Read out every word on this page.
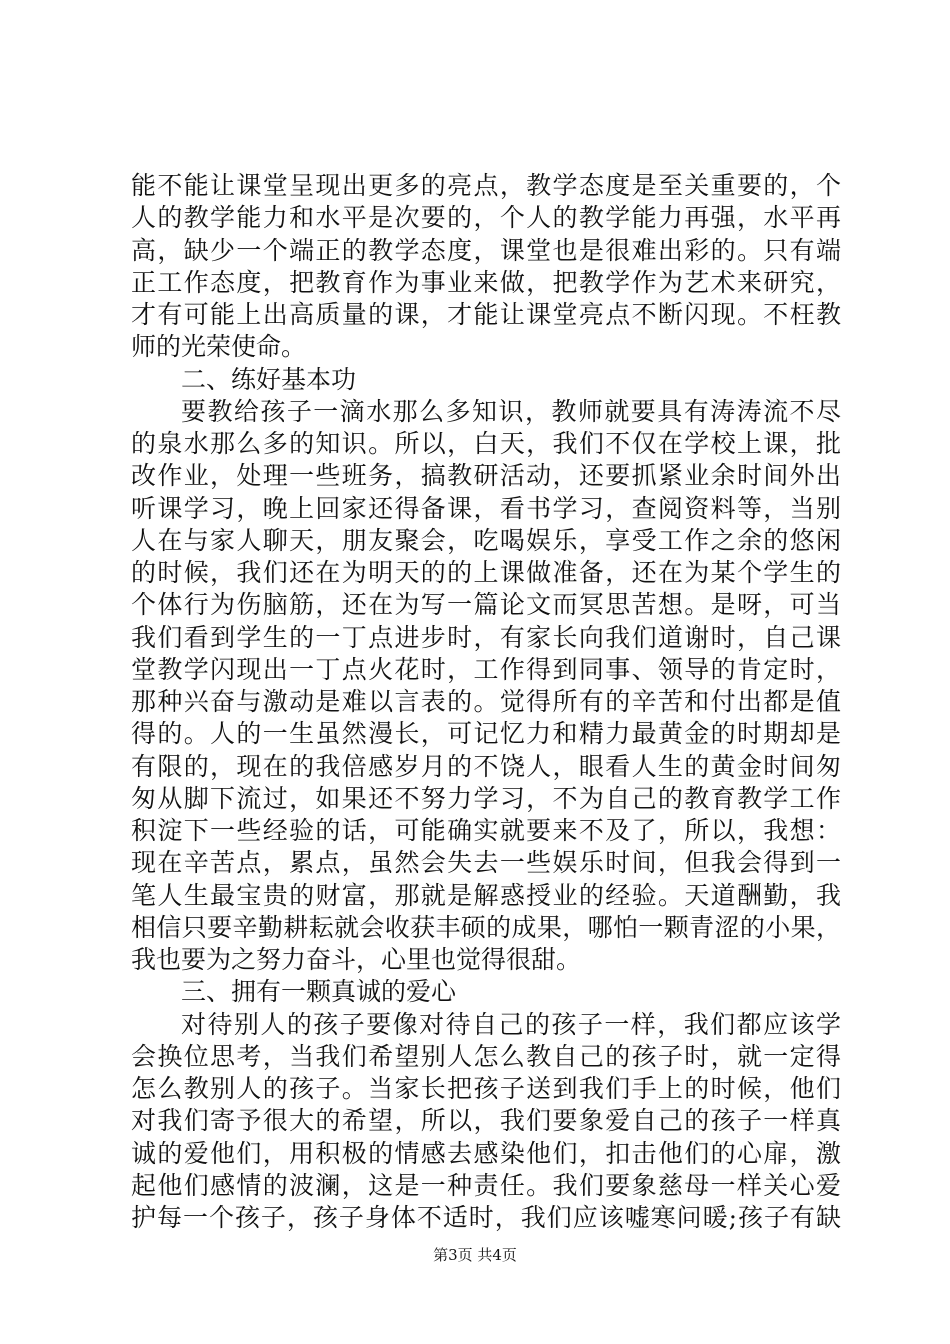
能不能让课堂呈现出更多的亮点，教学态度是至关重要的，个
人的教学能力和水平是次要的，个人的教学能力再强，水平再
高，缺少一个端正的教学态度，课堂也是很难出彩的。只有端
正工作态度，把教育作为事业来做，把教学作为艺术来研究，
才有可能上出高质量的课，才能让课堂亮点不断闪现。不枉教
师的光荣使命。
二、练好基本功
要教给孩子一滴水那么多知识，教师就要具有涛涛流不尽
的泉水那么多的知识。所以，白天，我们不仅在学校上课，批
改作业，处理一些班务，搞教研活动，还要抓紧业余时间外出
听课学习，晚上回家还得备课，看书学习，查阅资料等，当别
人在与家人聊天，朋友聚会，吃喝娱乐，享受工作之余的悠闲
的时候，我们还在为明天的的上课做准备，还在为某个学生的
个体行为伤脑筋，还在为写一篇论文而冥思苦想。是呀，可当
我们看到学生的一丁点进步时，有家长向我们道谢时，自己课
堂教学闪现出一丁点火花时，工作得到同事、领导的肯定时，
那种兴奋与激动是难以言表的。觉得所有的辛苦和付出都是值
得的。人的一生虽然漫长，可记忆力和精力最黄金的时期却是
有限的，现在的我倍感岁月的不饶人，眼看人生的黄金时间匆
匆从脚下流过，如果还不努力学习，不为自己的教育教学工作
积淀下一些经验的话，可能确实就要来不及了，所以，我想：
现在辛苦点，累点，虽然会失去一些娱乐时间，但我会得到一
笔人生最宝贵的财富，那就是解惑授业的经验。天道酬勤，我
相信只要辛勤耕耘就会收获丰硕的成果，哪怕一颗青涩的小果，
我也要为之努力奋斗，心里也觉得很甜。
三、拥有一颗真诚的爱心
对待别人的孩子要像对待自己的孩子一样，我们都应该学
会换位思考，当我们希望别人怎么教自己的孩子时，就一定得
怎么教别人的孩子。当家长把孩子送到我们手上的时候，他们
对我们寄予很大的希望，所以，我们要象爱自己的孩子一样真
诚的爱他们，用积极的情感去感染他们，扣击他们的心扉，激
起他们感情的波澜，这是一种责任。我们要象慈母一样关心爱
护每一个孩子，孩子身体不适时，我们应该嘘寒问暖;孩子有缺
第3页 共4页
